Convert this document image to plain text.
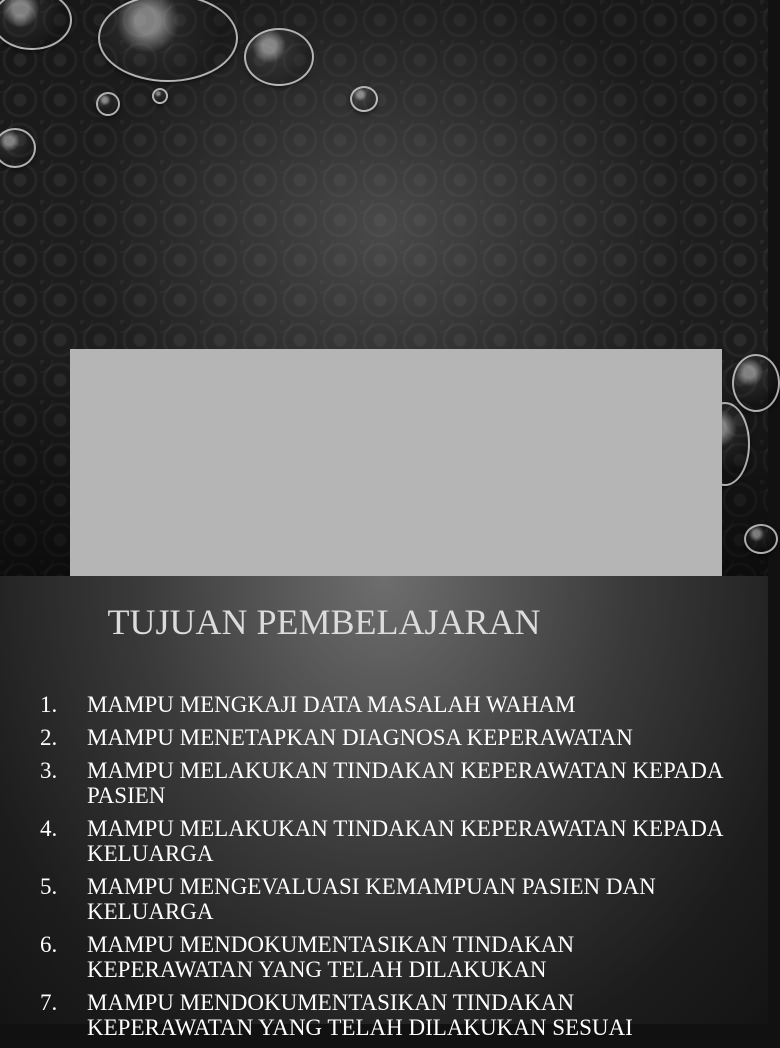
TUJUAN PEMBELAJARAN
1.	MAMPU MENGKAJI DATA MASALAH WAHAM
2.	MAMPU MENETAPKAN DIAGNOSA KEPERAWATAN
3.	MAMPU MELAKUKAN TINDAKAN KEPERAWATAN KEPADA PASIEN
4.	MAMPU MELAKUKAN TINDAKAN KEPERAWATAN KEPADA KELUARGA
5.	MAMPU MENGEVALUASI KEMAMPUAN PASIEN DAN KELUARGA
6.	MAMPU MENDOKUMENTASIKAN TINDAKAN KEPERAWATAN YANG TELAH DILAKUKAN
7.	MAMPU MENDOKUMENTASIKAN TINDAKAN KEPERAWATAN YANG TELAH DILAKUKAN SESUAI
